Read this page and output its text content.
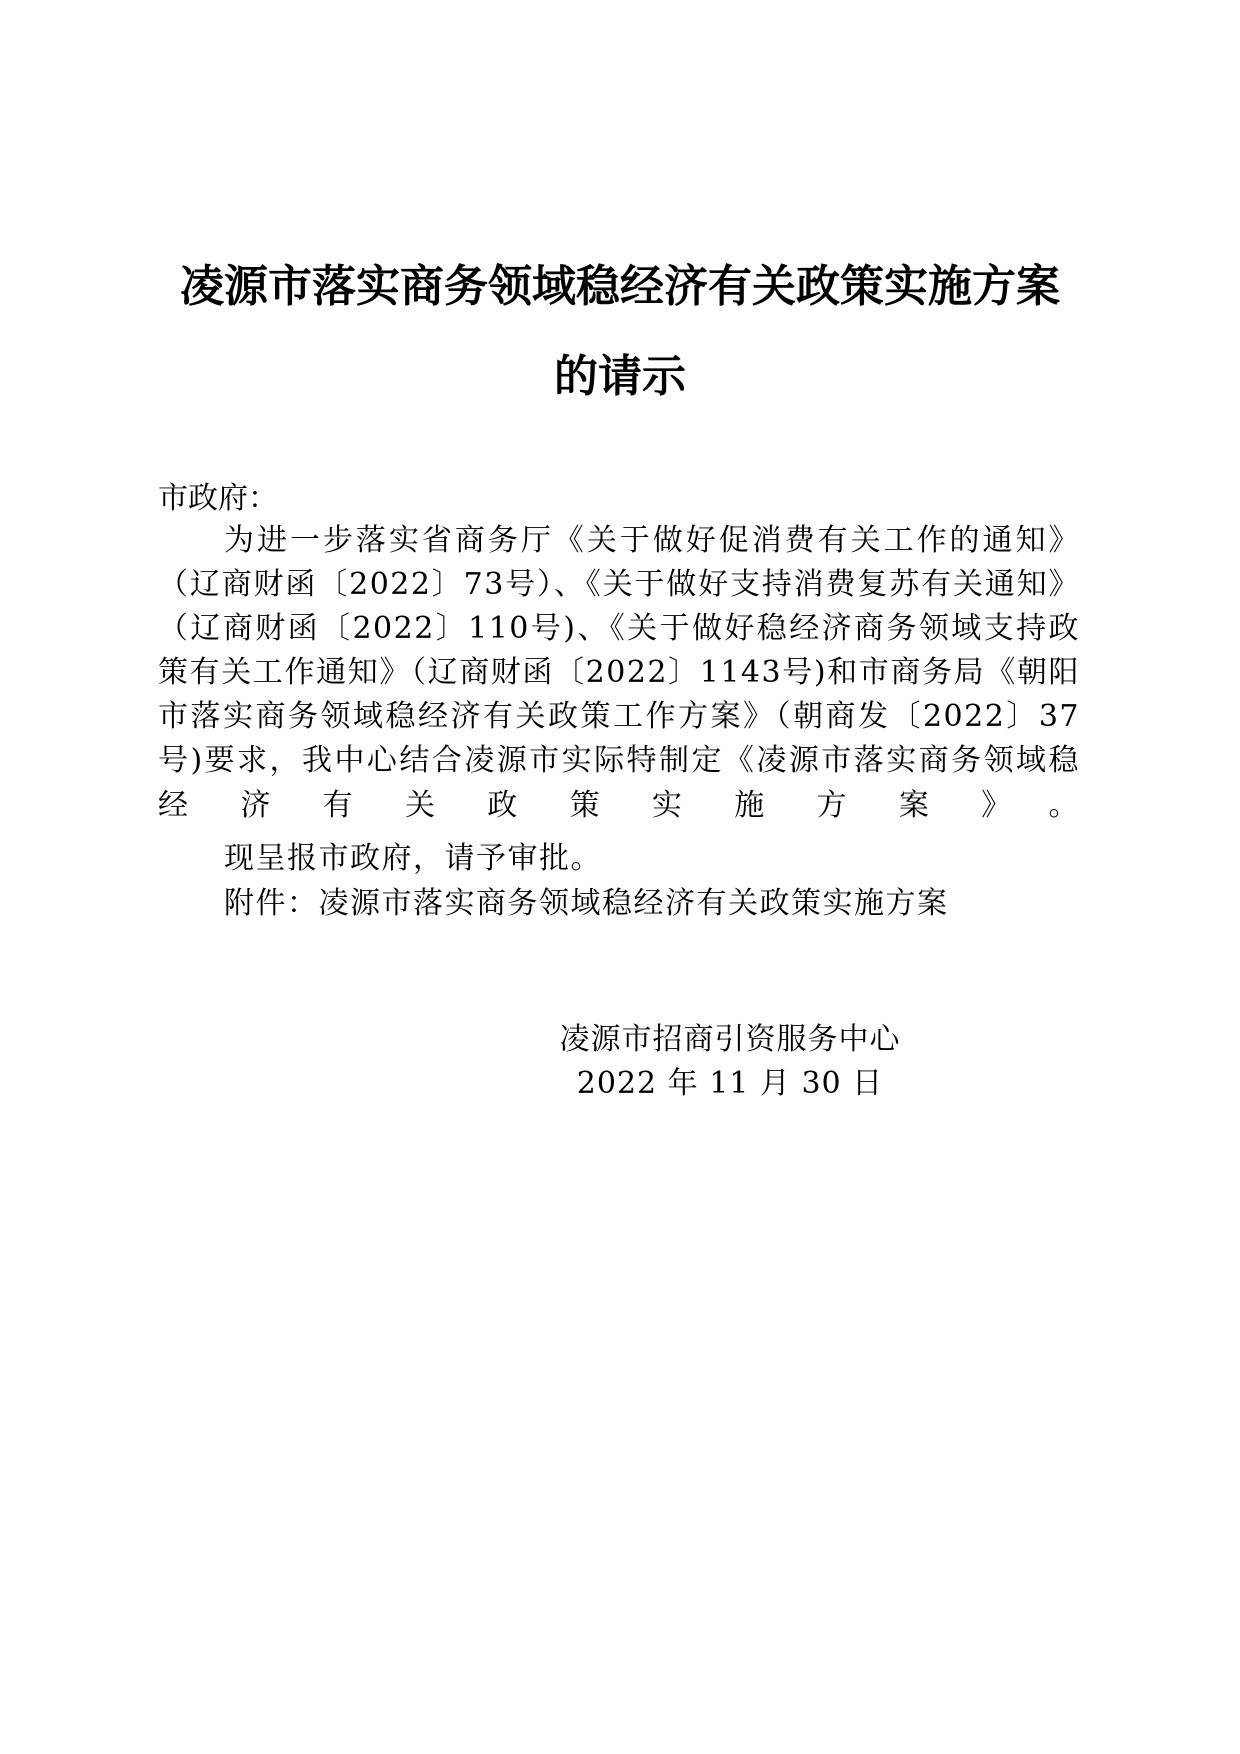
凌源市落实商务领域稳经济有关政策实施方案
的请示

市政府：

为进一步落实省商务厅《关于做好促消费有关工作的通知》（辽商财函〔2022〕73号）、《关于做好支持消费复苏有关通知》（辽商财函〔2022〕110号)、《关于做好稳经济商务领域支持政策有关工作通知》（辽商财函〔2022〕1143号)和市商务局《朝阳市落实商务领域稳经济有关政策工作方案》（朝商发〔2022〕37号)要求，我中心结合凌源市实际特制定《凌源市落实商务领域稳经济有关政策实施方案》。

现呈报市政府，请予审批。

附件：凌源市落实商务领域稳经济有关政策实施方案

凌源市招商引资服务中心
2022 年 11 月 30 日
